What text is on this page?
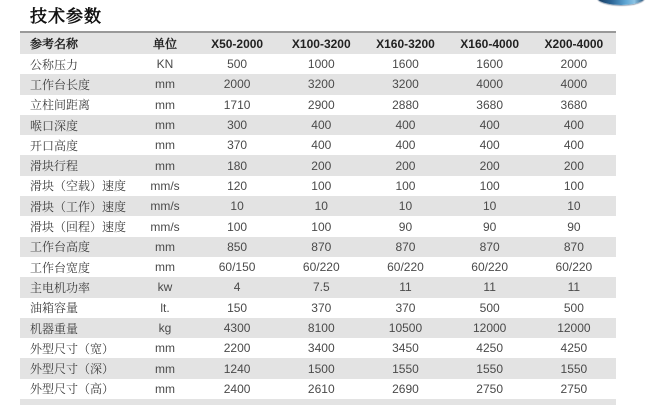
技术参数
参考名称	单位	X50-2000	X100-3200	X160-3200	X160-4000	X200-4000
公称压力	KN	500	1000	1600	1600	2000
工作台长度	mm	2000	3200	3200	4000	4000
立柱间距离	mm	1710	2900	2880	3680	3680
喉口深度	mm	300	400	400	400	400
开口高度	mm	370	400	400	400	400
滑块行程	mm	180	200	200	200	200
滑块（空载）速度	mm/s	120	100	100	100	100
滑块（工作）速度	mm/s	10	10	10	10	10
滑块（回程）速度	mm/s	100	100	90	90	90
工作台高度	mm	850	870	870	870	870
工作台宽度	mm	60/150	60/220	60/220	60/220	60/220
主电机功率	kw	4	7.5	11	11	11
油箱容量	lt.	150	370	370	500	500
机器重量	kg	4300	8100	10500	12000	12000
外型尺寸（宽）	mm	2200	3400	3450	4250	4250
外型尺寸（深）	mm	1240	1500	1550	1550	1550
外型尺寸（高）	mm	2400	2610	2690	2750	2750
